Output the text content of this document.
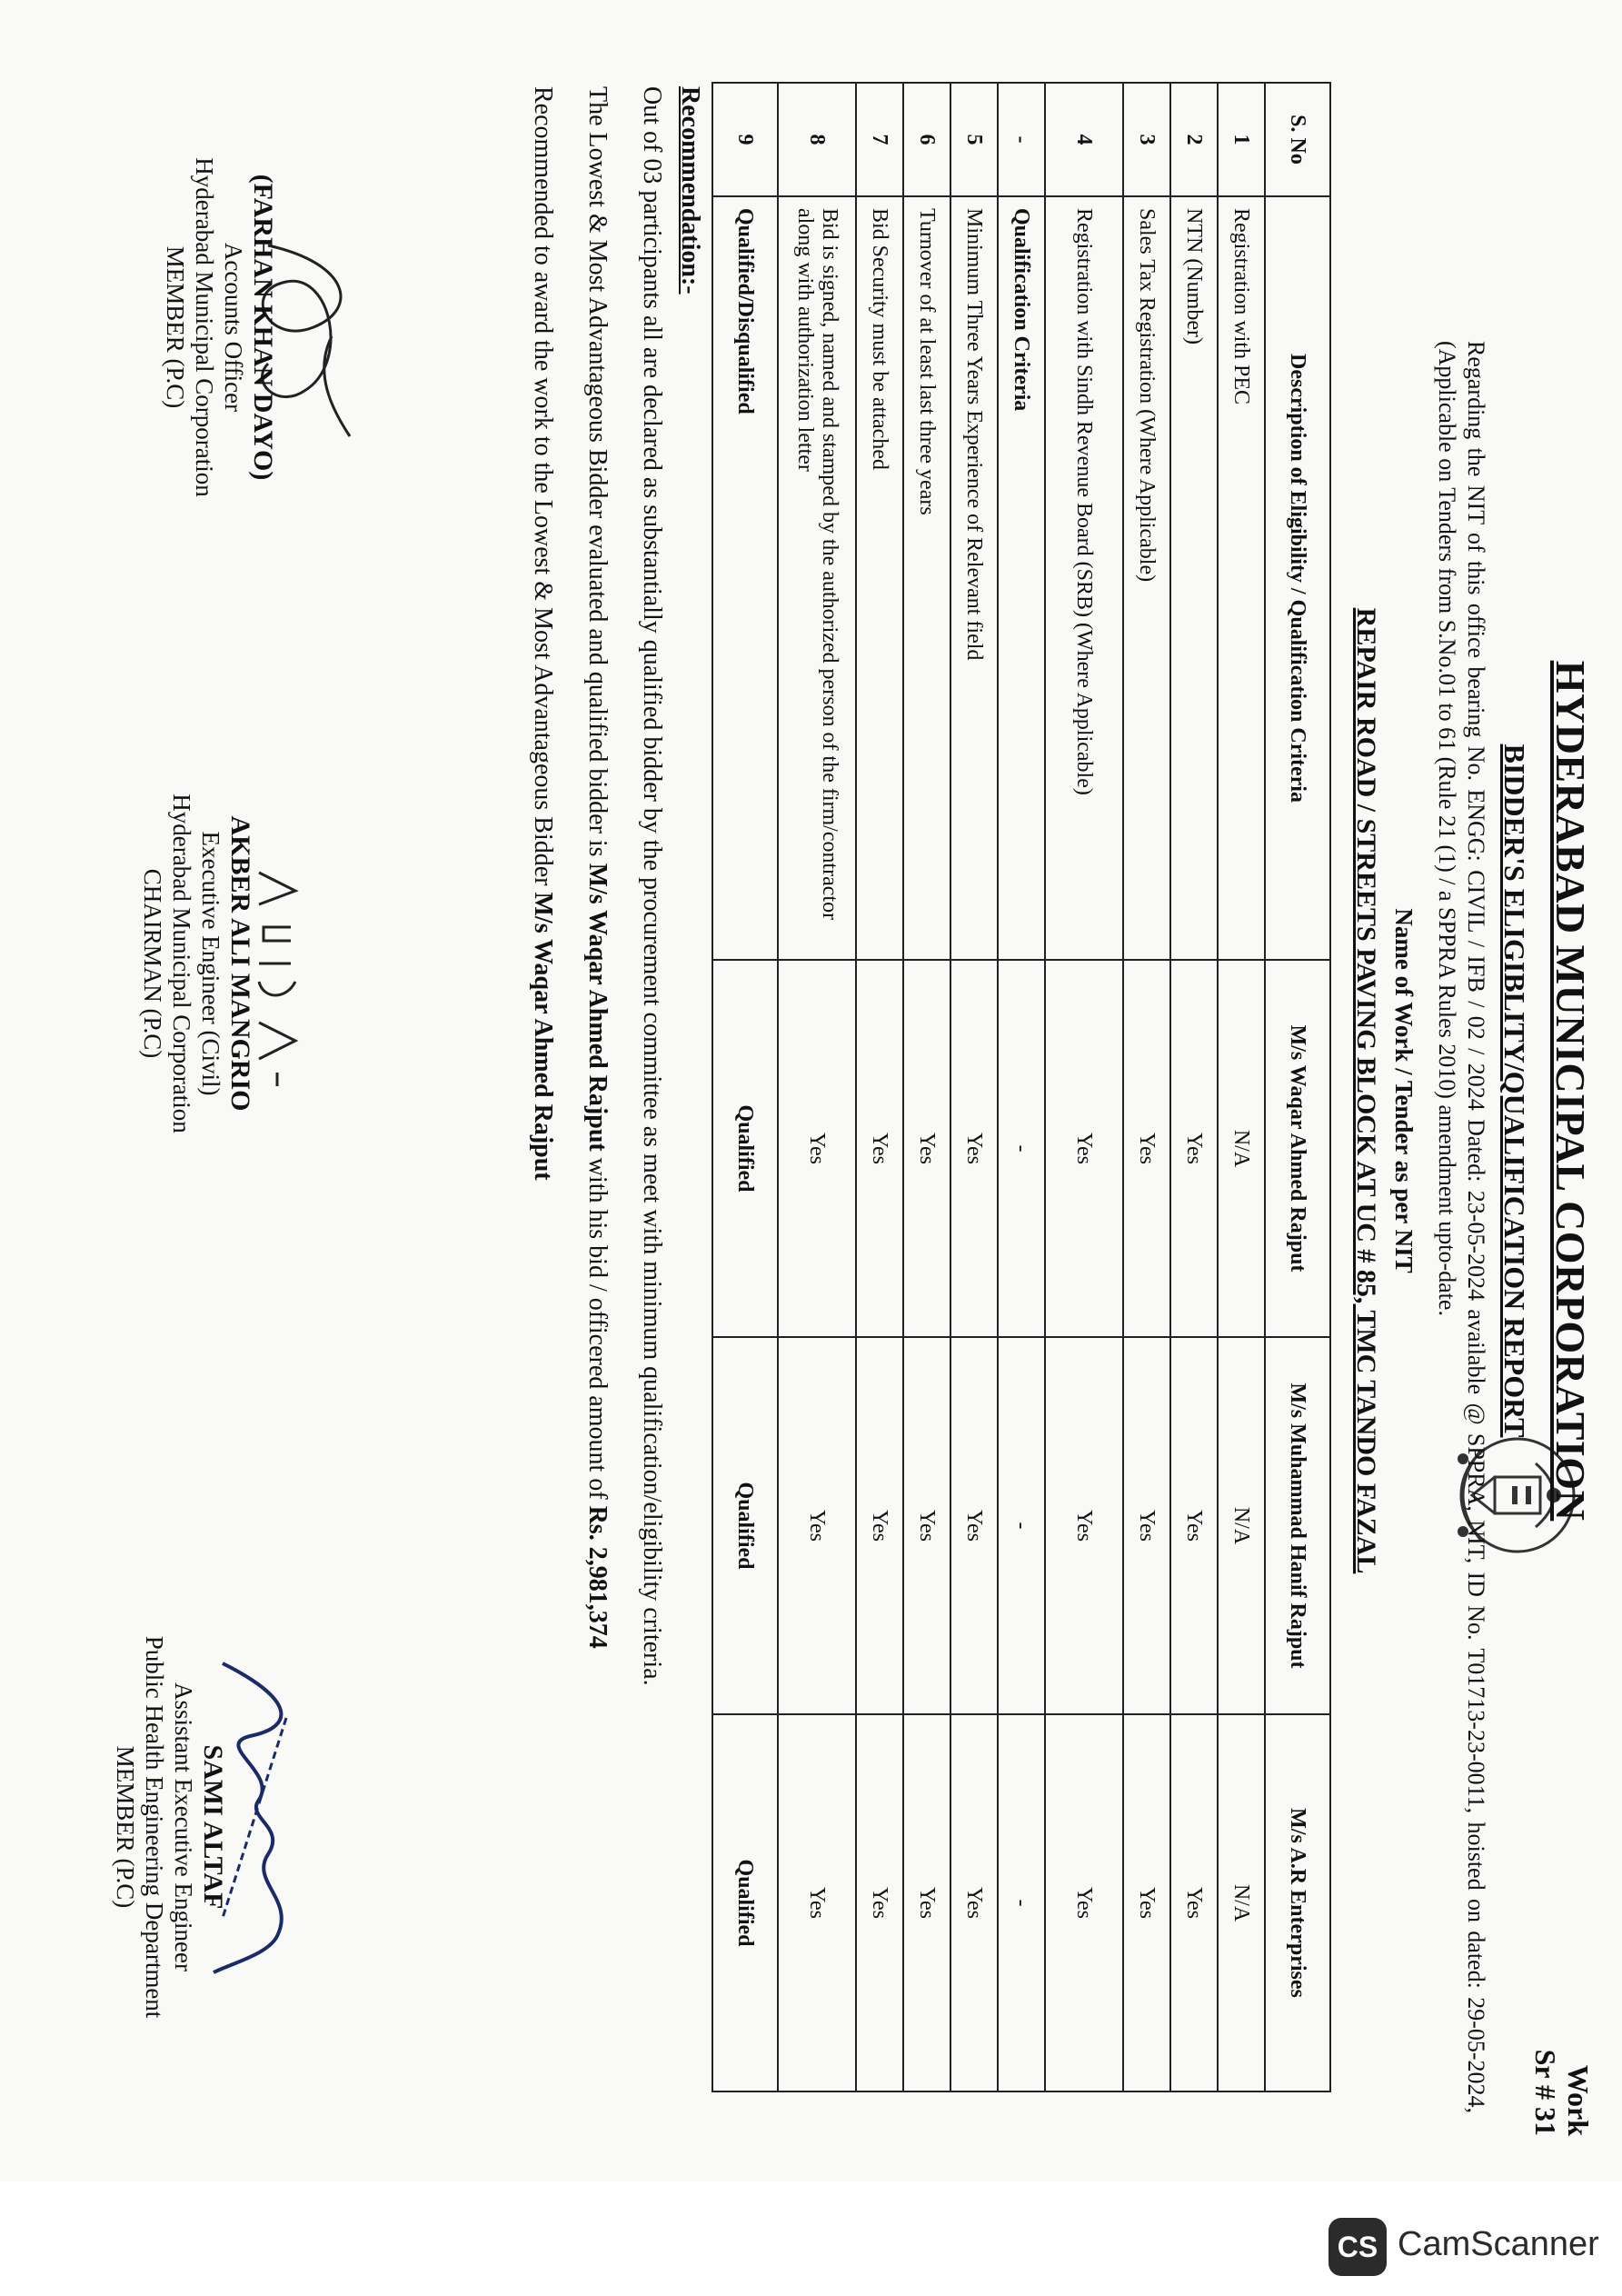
HYDERABAD MUNICIPAL CORPORATION
Work
Sr # 31
BIDDER'S ELIGIBLITY/QUALIFICATION REPORT
Regarding the NIT of this office bearing No. ENGG: CIVIL / IFB / 02 / 2024 Dated: 23-05-2024 available @ SPPRA, NIT, ID No. T01713-23-0011, hoisted on dated: 29-05-2024, (Applicable on Tenders from S.No.01 to 61 (Rule 21 (1) / a SPPRA Rules 2010) amendment upto-date.
Name of Work / Tender as per NIT
REPAIR ROAD / STREETS PAVING BLOCK AT UC # 85, TMC TANDO FAZAL
S. No	Description of Eligibility / Qualification Criteria	M/s Waqar Ahmed Rajput	M/s Muhammad Hanif Rajput	M/s A.R Enterprises
1	Registration with PEC	N/A	N/A	N/A
2	NTN (Number)	Yes	Yes	Yes
3	Sales Tax Registration (Where Applicable)	Yes	Yes	Yes
4	Registration with Sindh Revenue Board (SRB) (Where Applicable)	Yes	Yes	Yes
-	Qualification Criteria	-	-	-
5	Minimum Three Years Experience of Relevant field	Yes	Yes	Yes
6	Turnover of at least last three years	Yes	Yes	Yes
7	Bid Security must be attached	Yes	Yes	Yes
8	Bid is signed, named and stamped by the authorized person of the firm/contractor along with authorization letter	Yes	Yes	Yes
9	Qualified/Disqualified	Qualified	Qualified	Qualified
Recommendation:-
Out of 03 participants all are declared as substantially qualified bidder by the procurement committee as meet with minimum qualification/eligibility criteria.
The Lowest & Most Advantageous Bidder evaluated and qualified bidder is M/s Waqar Ahmed Rajput with his bid / officered amount of Rs. 2,981,374
Recommended to award the work to the Lowest & Most Advantageous Bidder M/s Waqar Ahmed Rajput
(FARHAN KHAN DAYO)
Accounts Officer
Hyderabad Municipal Corporation
MEMBER (P.C)
AKBER ALI MANGRIO
Executive Engineer (Civil)
Hyderabad Municipal Corporation
CHAIRMAN (P.C)
SAMI ALTAF
Assistant Executive Engineer
Public Health Engineering Department
MEMBER (P.C)
CS CamScanner
